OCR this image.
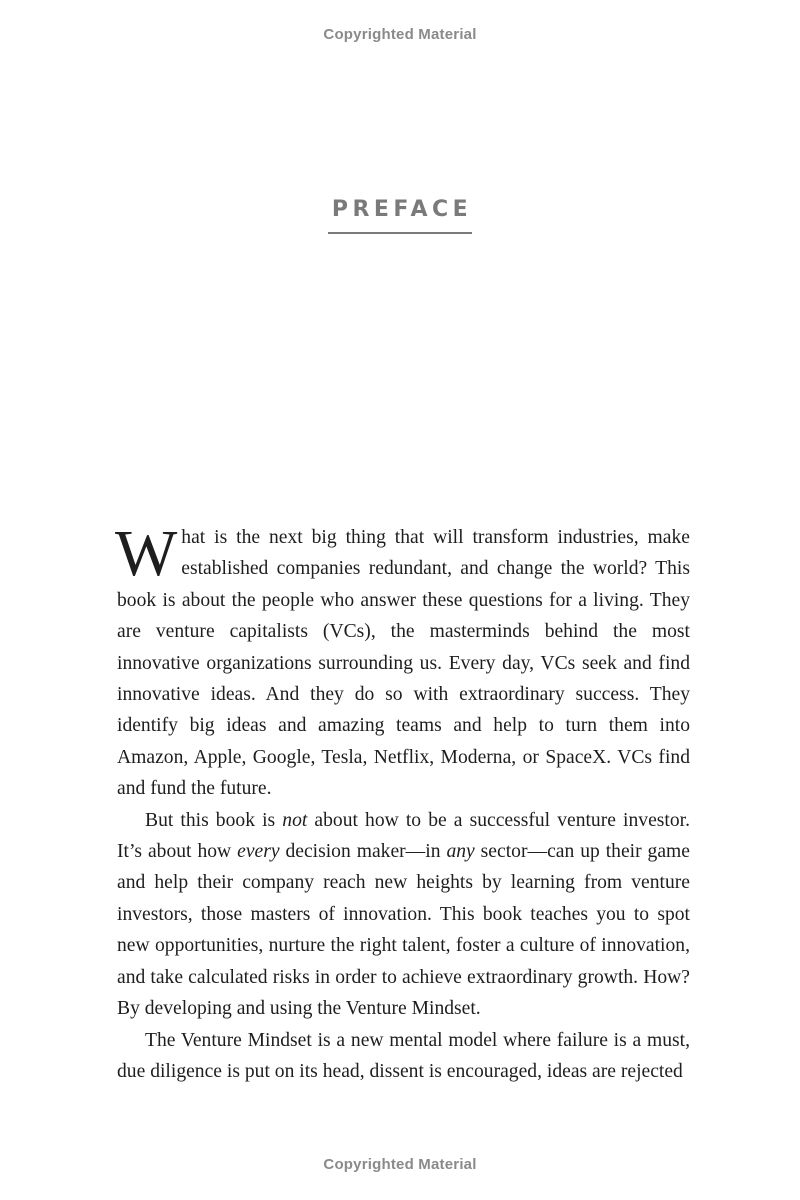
Copyrighted Material
PREFACE

What is the next big thing that will transform industries, make established companies redundant, and change the world? This book is about the people who answer these questions for a living. They are venture capitalists (VCs), the masterminds behind the most innovative organizations surrounding us. Every day, VCs seek and find innovative ideas. And they do so with extraordinary success. They identify big ideas and amazing teams and help to turn them into Amazon, Apple, Google, Tesla, Netflix, Moderna, or SpaceX. VCs find and fund the future.

But this book is not about how to be a successful venture investor. It’s about how every decision maker—in any sector—can up their game and help their company reach new heights by learning from venture investors, those masters of innovation. This book teaches you to spot new opportunities, nurture the right talent, foster a culture of innovation, and take calculated risks in order to achieve extraordinary growth. How? By developing and using the Venture Mindset.

The Venture Mindset is a new mental model where failure is a must, due diligence is put on its head, dissent is encouraged, ideas are rejected

Copyrighted Material
